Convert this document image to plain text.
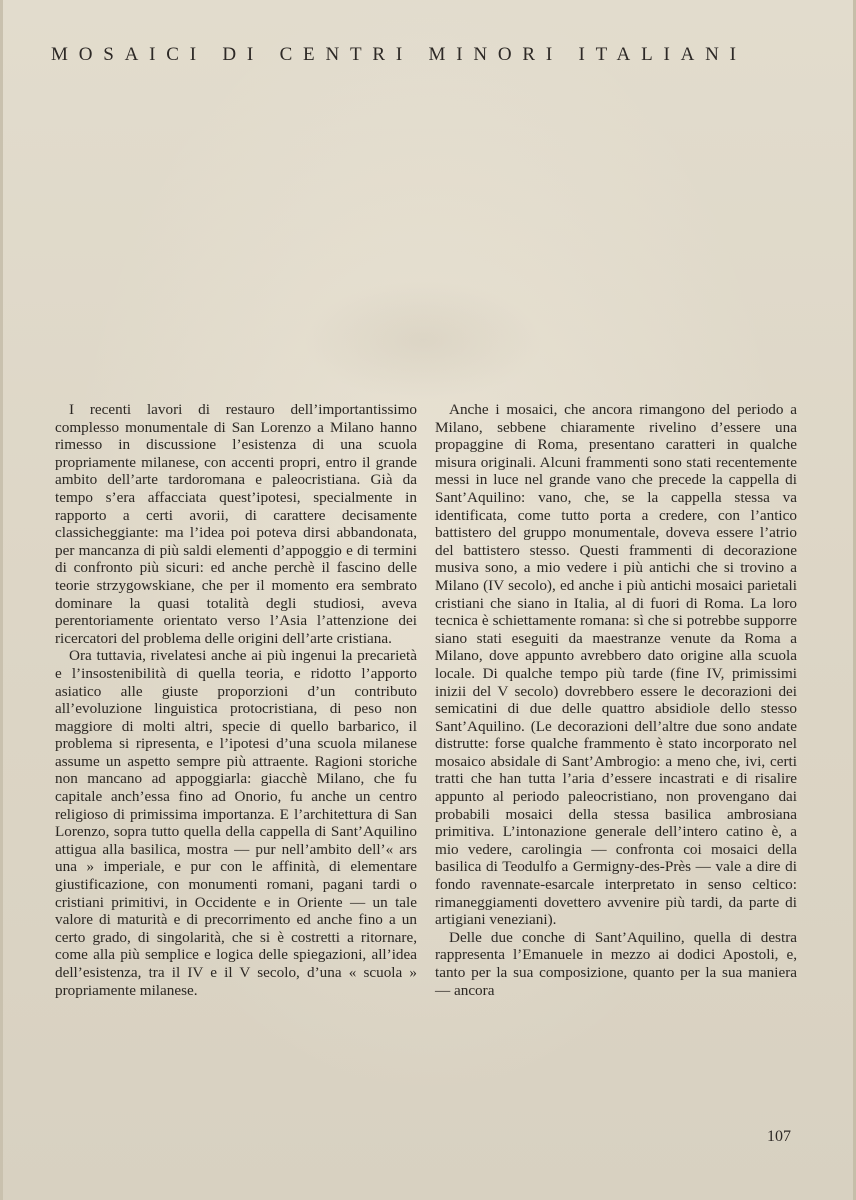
MOSAICI DI CENTRI MINORI ITALIANI

I recenti lavori di restauro dell’importantissimo complesso monumentale di San Lorenzo a Milano hanno rimesso in discussione l’esistenza di una scuola propriamente milanese, con accenti propri, entro il grande ambito dell’arte tardoromana e paleocristiana. Già da tempo s’era affacciata quest’ipotesi, specialmente in rapporto a certi avorii, di carattere decisamente classicheggiante: ma l’idea poi poteva dirsi abbandonata, per mancanza di più saldi elementi d’appoggio e di termini di confronto più sicuri: ed anche perchè il fascino delle teorie strzygowskiane, che per il momento era sembrato dominare la quasi totalità degli studiosi, aveva perentoriamente orientato verso l’Asia l’attenzione dei ricercatori del problema delle origini dell’arte cristiana.

Ora tuttavia, rivelatesi anche ai più ingenui la precarietà e l’insostenibilità di quella teoria, e ridotto l’apporto asiatico alle giuste proporzioni d’un contributo all’evoluzione linguistica protocristiana, di peso non maggiore di molti altri, specie di quello barbarico, il problema si ripresenta, e l’ipotesi d’una scuola milanese assume un aspetto sempre più attraente. Ragioni storiche non mancano ad appoggiarla: giacchè Milano, che fu capitale anch’essa fino ad Onorio, fu anche un centro religioso di primissima importanza. E l’architettura di San Lorenzo, sopra tutto quella della cappella di Sant’Aquilino attigua alla basilica, mostra — pur nell’ambito dell’« ars una » imperiale, e pur con le affinità, di elementare giustificazione, con monumenti romani, pagani tardi o cristiani primitivi, in Occidente e in Oriente — un tale valore di maturità e di precorrimento ed anche fino a un certo grado, di singolarità, che si è costretti a ritornare, come alla più semplice e logica delle spiegazioni, all’idea dell’esistenza, tra il IV e il V secolo, d’una « scuola » propriamente milanese.

Anche i mosaici, che ancora rimangono del periodo a Milano, sebbene chiaramente rivelino d’essere una propaggine di Roma, presentano caratteri in qualche misura originali. Alcuni frammenti sono stati recentemente messi in luce nel grande vano che precede la cappella di Sant’Aquilino: vano, che, se la cappella stessa va identificata, come tutto porta a credere, con l’antico battistero del gruppo monumentale, doveva essere l’atrio del battistero stesso. Questi frammenti di decorazione musiva sono, a mio vedere i più antichi che si trovino a Milano (IV secolo), ed anche i più antichi mosaici parietali cristiani che siano in Italia, al di fuori di Roma. La loro tecnica è schiettamente romana: sì che si potrebbe supporre siano stati eseguiti da maestranze venute da Roma a Milano, dove appunto avrebbero dato origine alla scuola locale. Di qualche tempo più tarde (fine IV, primissimi inizii del V secolo) dovrebbero essere le decorazioni dei semicatini di due delle quattro absidiole dello stesso Sant’Aquilino. (Le decorazioni dell’altre due sono andate distrutte: forse qualche frammento è stato incorporato nel mosaico absidale di Sant’Ambrogio: a meno che, ivi, certi tratti che han tutta l’aria d’essere incastrati e di risalire appunto al periodo paleocristiano, non provengano dai probabili mosaici della stessa basilica ambrosiana primitiva. L’intonazione generale dell’intero catino è, a mio vedere, carolingia — confronta coi mosaici della basilica di Teodulfo a Germigny-des-Près — vale a dire di fondo ravennate-esarcale interpretato in senso celtico: rimaneggiamenti dovettero avvenire più tardi, da parte di artigiani veneziani).

Delle due conche di Sant’Aquilino, quella di destra rappresenta l’Emanuele in mezzo ai dodici Apostoli, e, tanto per la sua composizione, quanto per la sua maniera — ancora

107
